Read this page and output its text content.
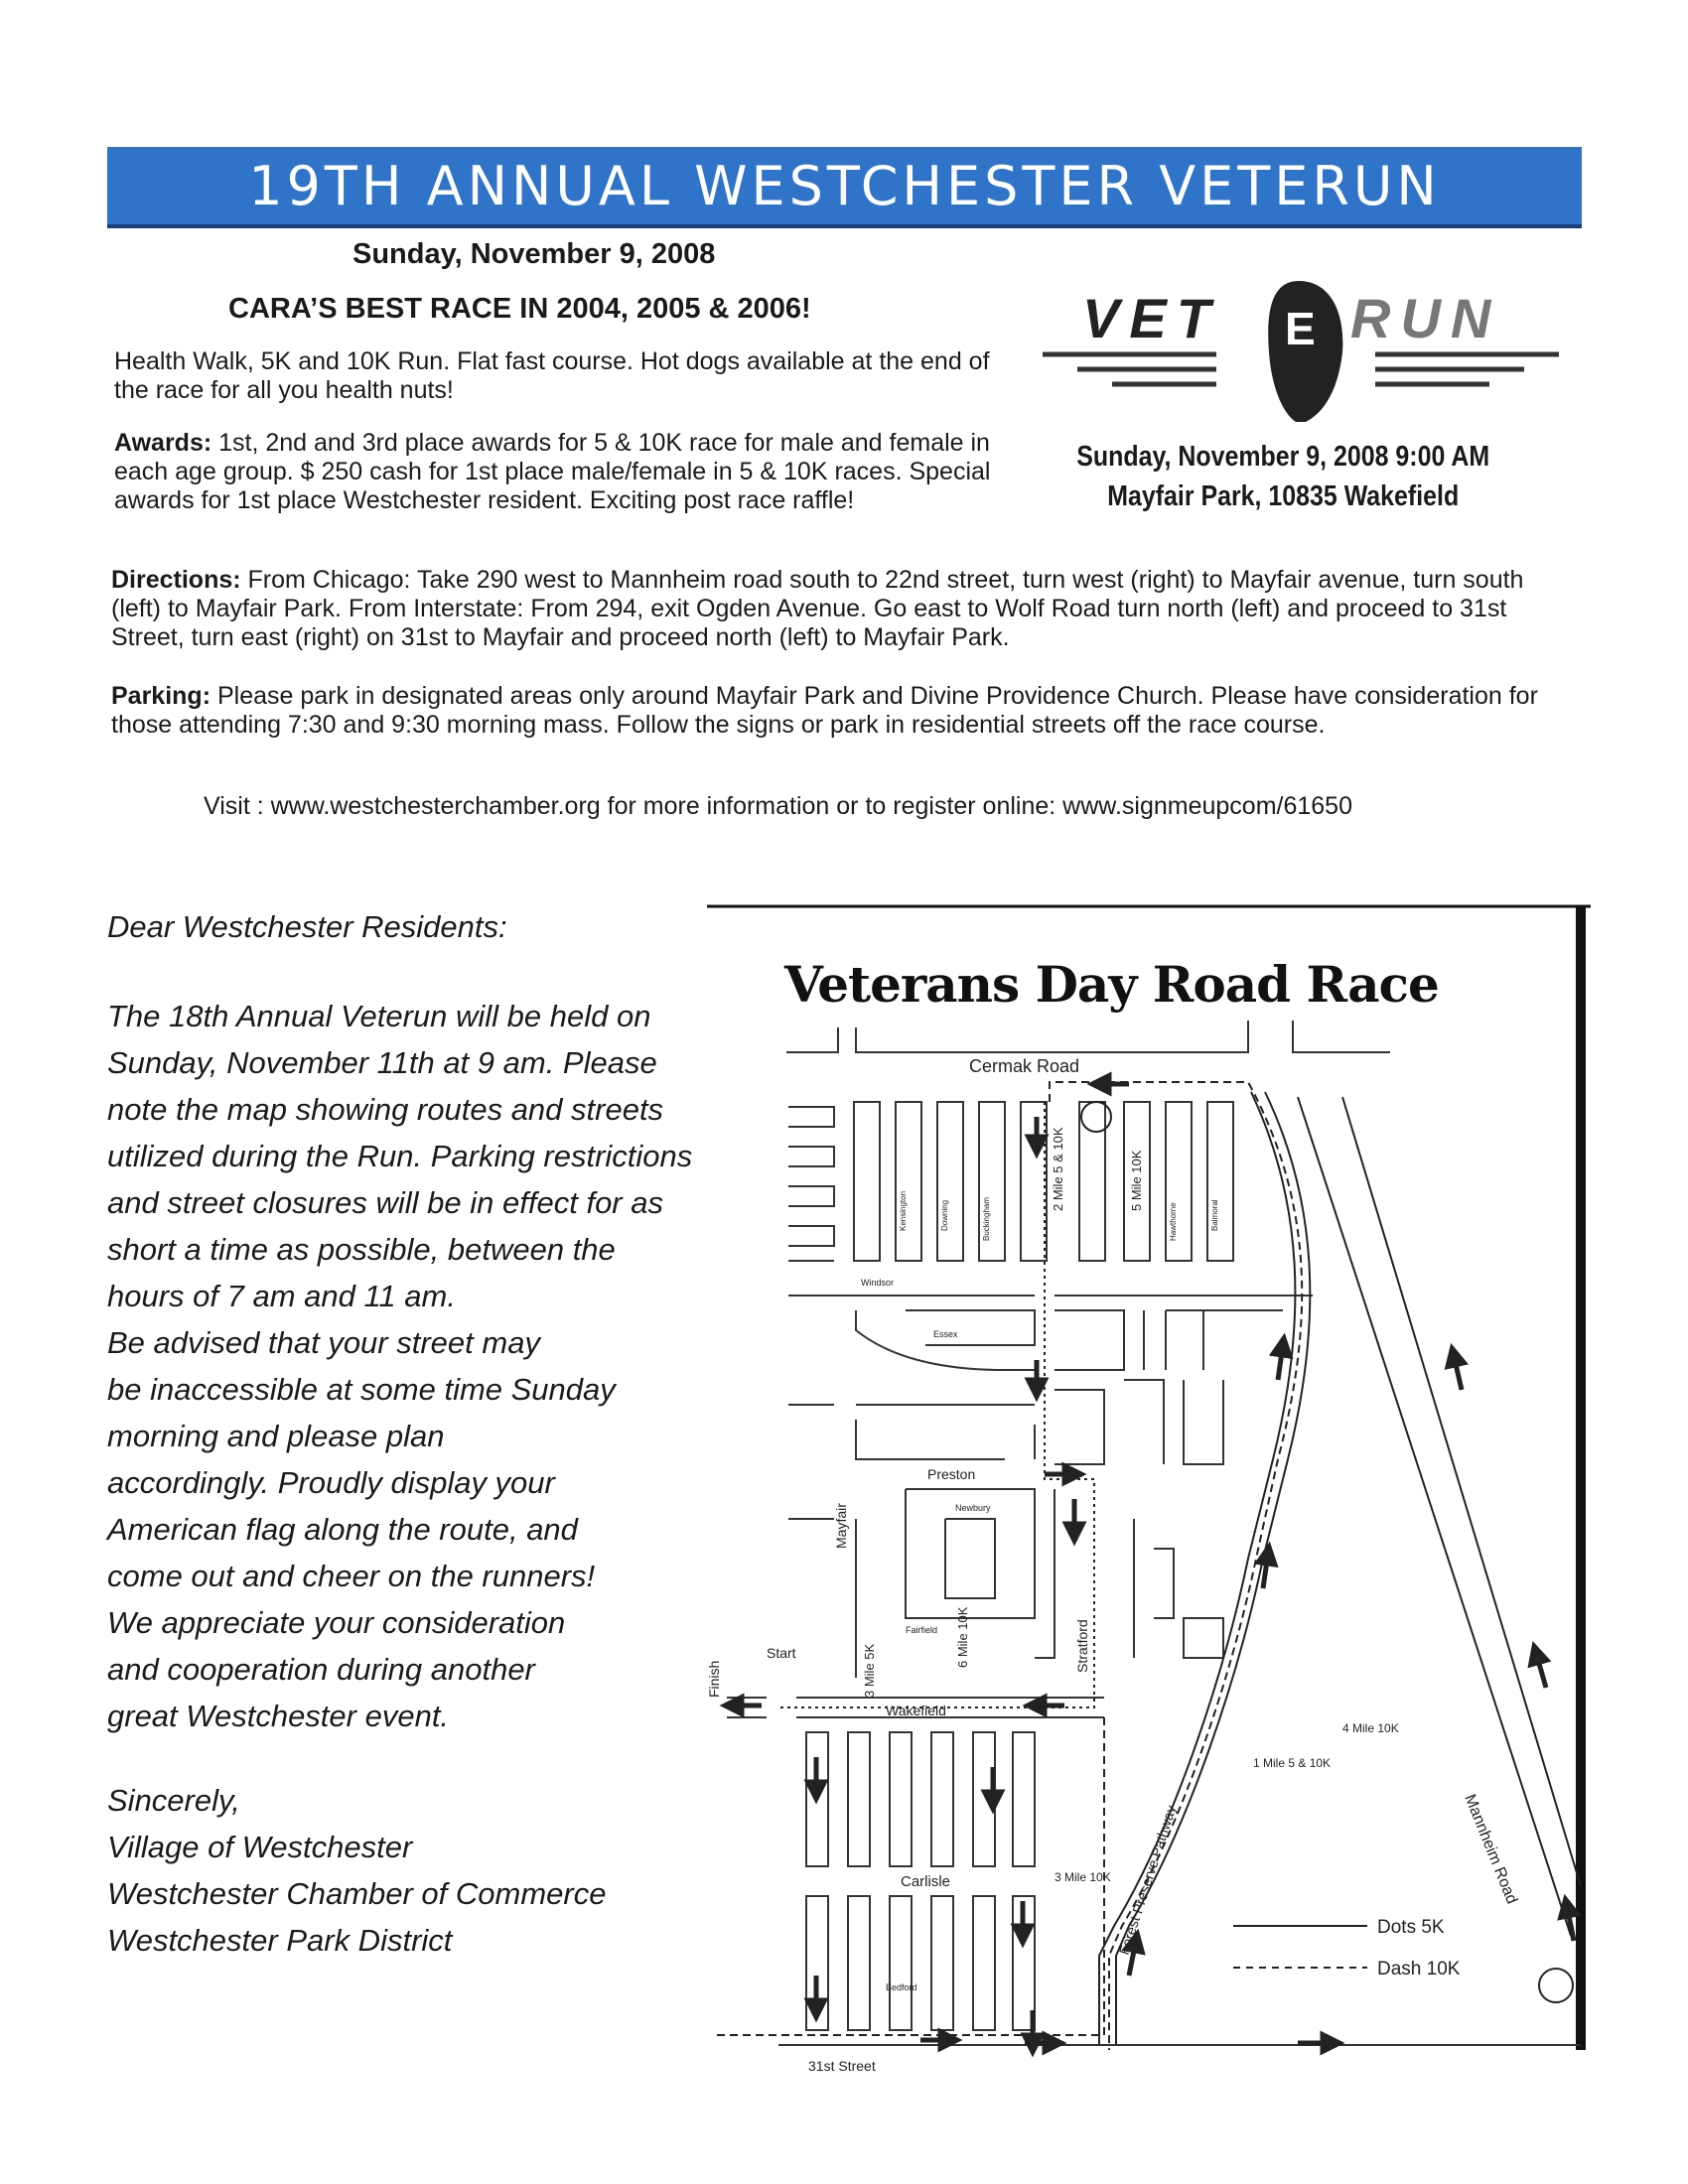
19TH ANNUAL WESTCHESTER VETERUN
Sunday, November 9, 2008
CARA’S BEST RACE IN 2004, 2005 & 2006!
Health Walk, 5K and 10K Run. Flat fast course. Hot dogs available at the end of the race for all you health nuts!
Awards: 1st, 2nd and 3rd place awards for 5 & 10K race for male and female in each age group. $ 250 cash for 1st place male/female in 5 & 10K races. Special awards for 1st place Westchester resident. Exciting post race raffle!
VET E RUN
Sunday, November 9, 2008 9:00 AM
Mayfair Park, 10835 Wakefield
Directions: From Chicago: Take 290 west to Mannheim road south to 22nd street, turn west (right) to Mayfair avenue, turn south (left) to Mayfair Park. From Interstate: From 294, exit Ogden Avenue. Go east to Wolf Road turn north (left) and proceed to 31st Street, turn east (right) on 31st to Mayfair and proceed north (left) to Mayfair Park.
Parking: Please park in designated areas only around Mayfair Park and Divine Providence Church. Please have consideration for those attending 7:30 and 9:30 morning mass. Follow the signs or park in residential streets off the race course.
Visit : www.westchesterchamber.org for more information or to register online: www.signmeupcom/61650
Dear Westchester Residents:
The 18th Annual Veterun will be held on
Sunday, November 11th at 9 am. Please
note the map showing routes and streets
utilized during the Run. Parking restrictions
and street closures will be in effect for as
short a time as possible, between the
hours of 7 am and 11 am.
Be advised that your street may
be inaccessible at some time Sunday
morning and please plan
accordingly. Proudly display your
American flag along the route, and
come out and cheer on the runners!
We appreciate your consideration
and cooperation during another
great Westchester event.
Sincerely,
Village of Westchester
Westchester Chamber of Commerce
Westchester Park District
Cermak Road
Preston
Wakefield
Carlisle
31st Street
Windsor
Essex
Newbury
Fairfield
Bedford
Mayfair
Stratford
Kensington	Downing	Buckingham	Hawthorne	Balmoral
Mannheim Road
Forest Preserve Pathway
Start
Finish
1 Mile 5 & 10K
3 Mile 10K
4 Mile 10K
2 Mile 5 & 10K	5 Mile 10K
6 Mile 10K
3 Mile 5K
Dots 5K
Dash 10K
Veterans Day Road Race
